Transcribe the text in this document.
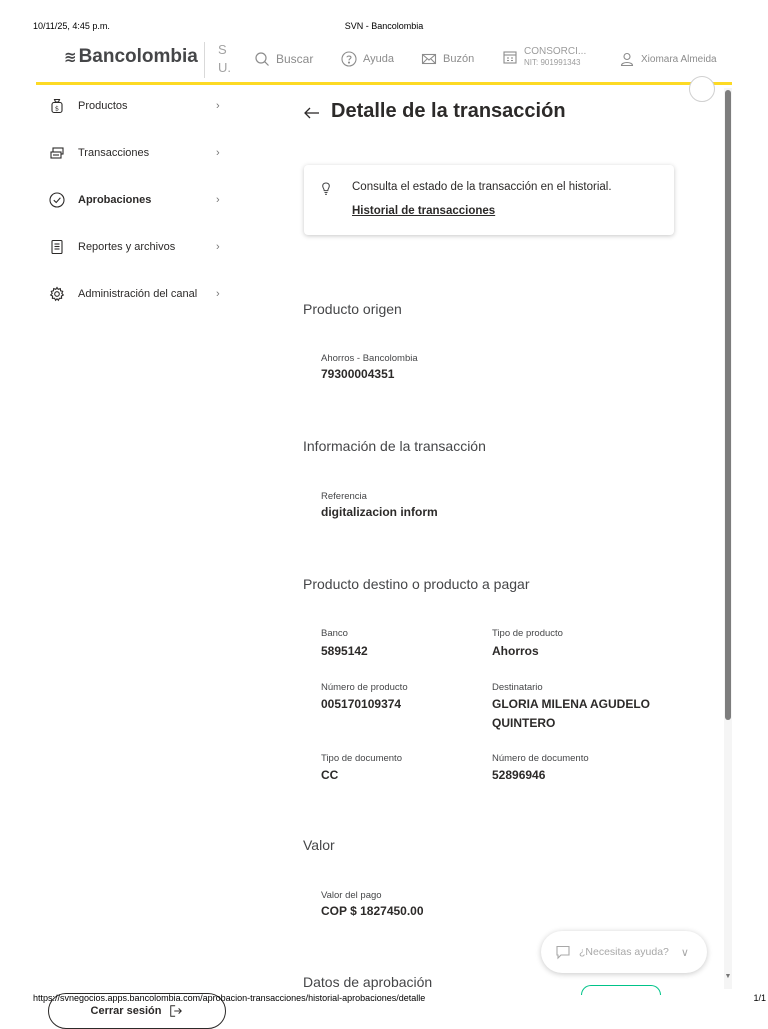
10/11/25, 4:45 p.m.	SVN - Bancolombia
≋ Bancolombia S U.
Buscar	Ayuda	Buzón
CONSORCI...
NIT: 901991343	Xiomara Almeida
$ Productos	›
Transacciones	›
Aprobaciones	›
Reportes y archivos	›
Administración del canal ›
Cerrar sesión
Detalle de la transacción
Consulta el estado de la transacción en el historial.
Historial de transacciones
Producto origen
Ahorros - Bancolombia
79300004351
Información de la transacción
Referencia
digitalizacion inform
Producto destino o producto a pagar
Banco
5895142
Tipo de producto
Ahorros
Número de producto
005170109374
Destinatario
GLORIA MILENA AGUDELO
QUINTERO
Tipo de documento
CC
Número de documento
52896946
Valor
Valor del pago
COP $ 1827450.00
Datos de aprobación	▼
¿Necesitas ayuda? ∨
https://svnegocios.apps.bancolombia.com/aprobacion-transacciones/historial-aprobaciones/detalle	1/1
